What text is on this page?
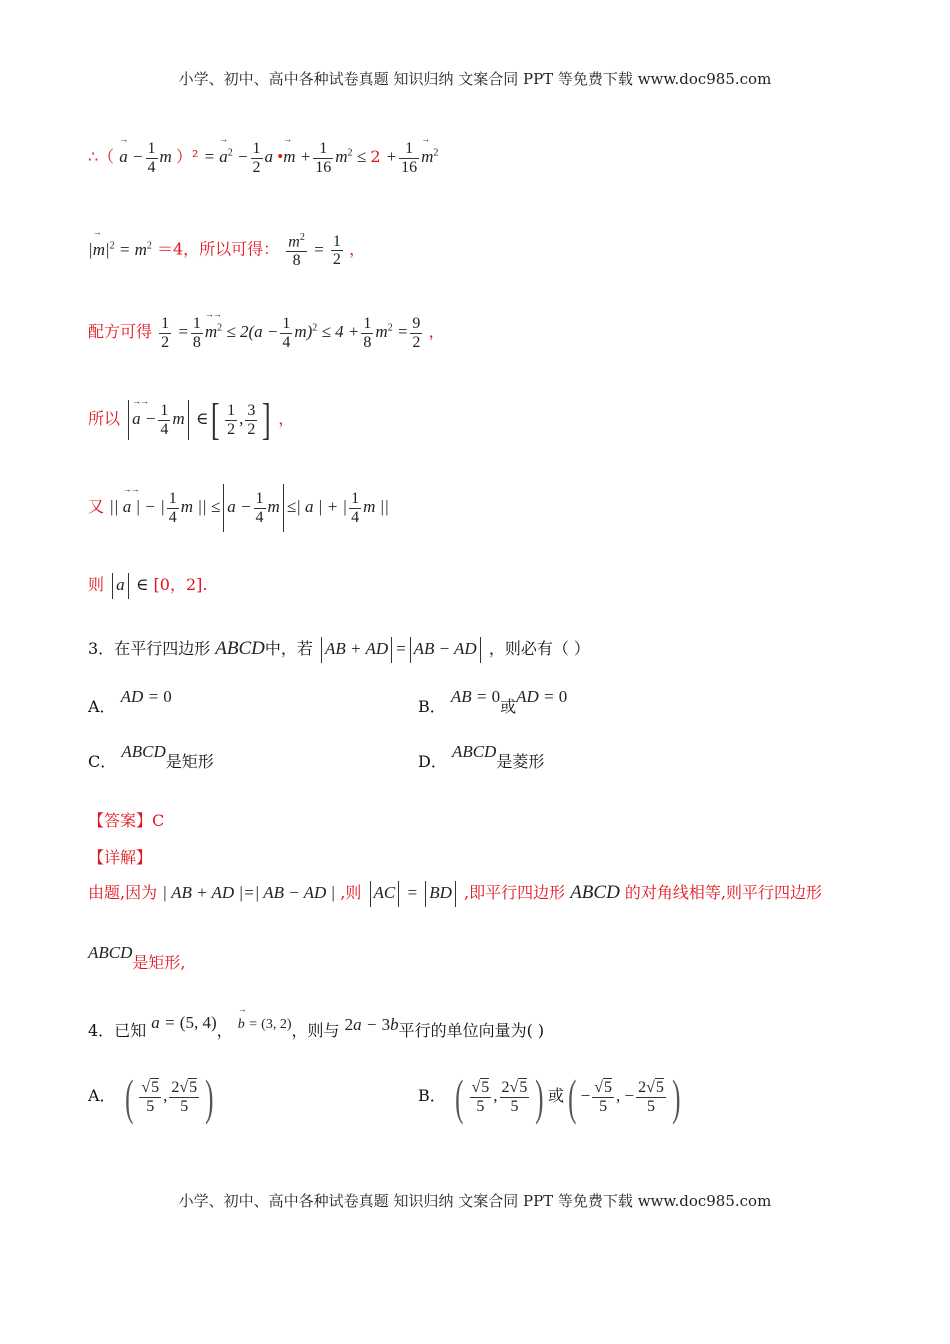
小学、初中、高中各种试卷真题 知识归纳 文案合同 PPT 等免费下载 www.doc985.com
∴（ → $a - \frac{1}{4}$ m ）² = → $a^2 - \frac{1}{2}$ a •→ $m + \frac{1}{16} m^2 \le 2 + \frac{1}{16}$
→ $m^2$
|→ $m|^2 = m^2 =4$，所以可得： $\frac{m^2}{8} = \frac{1}{2}$ ，
配方可得 $\frac{1}{2} = \frac{1}{8}$
→→ $m^2 \le 2(a - \frac{1}{4} m)^2 \le 4 + \frac{1}{8} m^2 = \frac{9}{2}$ ，
所以 →→ $a - \frac{1}{4}$ m ∈[ $\frac{1}{2}$ , $\frac{3}{2}$ ] ，
又 || →→ a | − | $\frac{1}{4}$ m || ≤ $a - \frac{1}{4}$ m ≤| a | + | $\frac{1}{4}$ m ||
则 a ∈ [0，2].
3．在平行四边形 ABCD中，若 AB + AD = AB − AD ，则必有（ ）
A． AD = 0
B． AB = 0或AD = 0
C． ABCD是矩形	D． ABCD是菱形
【答案】C
【详解】
由题,因为 | AB + AD |=| AB − AD | ,则 AC = BD ,即平行四边形 ABCD 的对角线相等,则平行四边形
ABCD是矩形,
4．已知 a = (5, 4)， → b = (3, 2)，则与 2a − 3b平行的单位向量为( )
A． ( $\frac{√5}{5}$ , $\frac{2√5}{5}$ )	B． ( $\frac{√5}{5}$ , $\frac{2√5}{5}$ ) 或( − $\frac{√5}{5}$ , − $\frac{2√5}{5}$ )
小学、初中、高中各种试卷真题 知识归纳 文案合同 PPT 等免费下载 www.doc985.com
